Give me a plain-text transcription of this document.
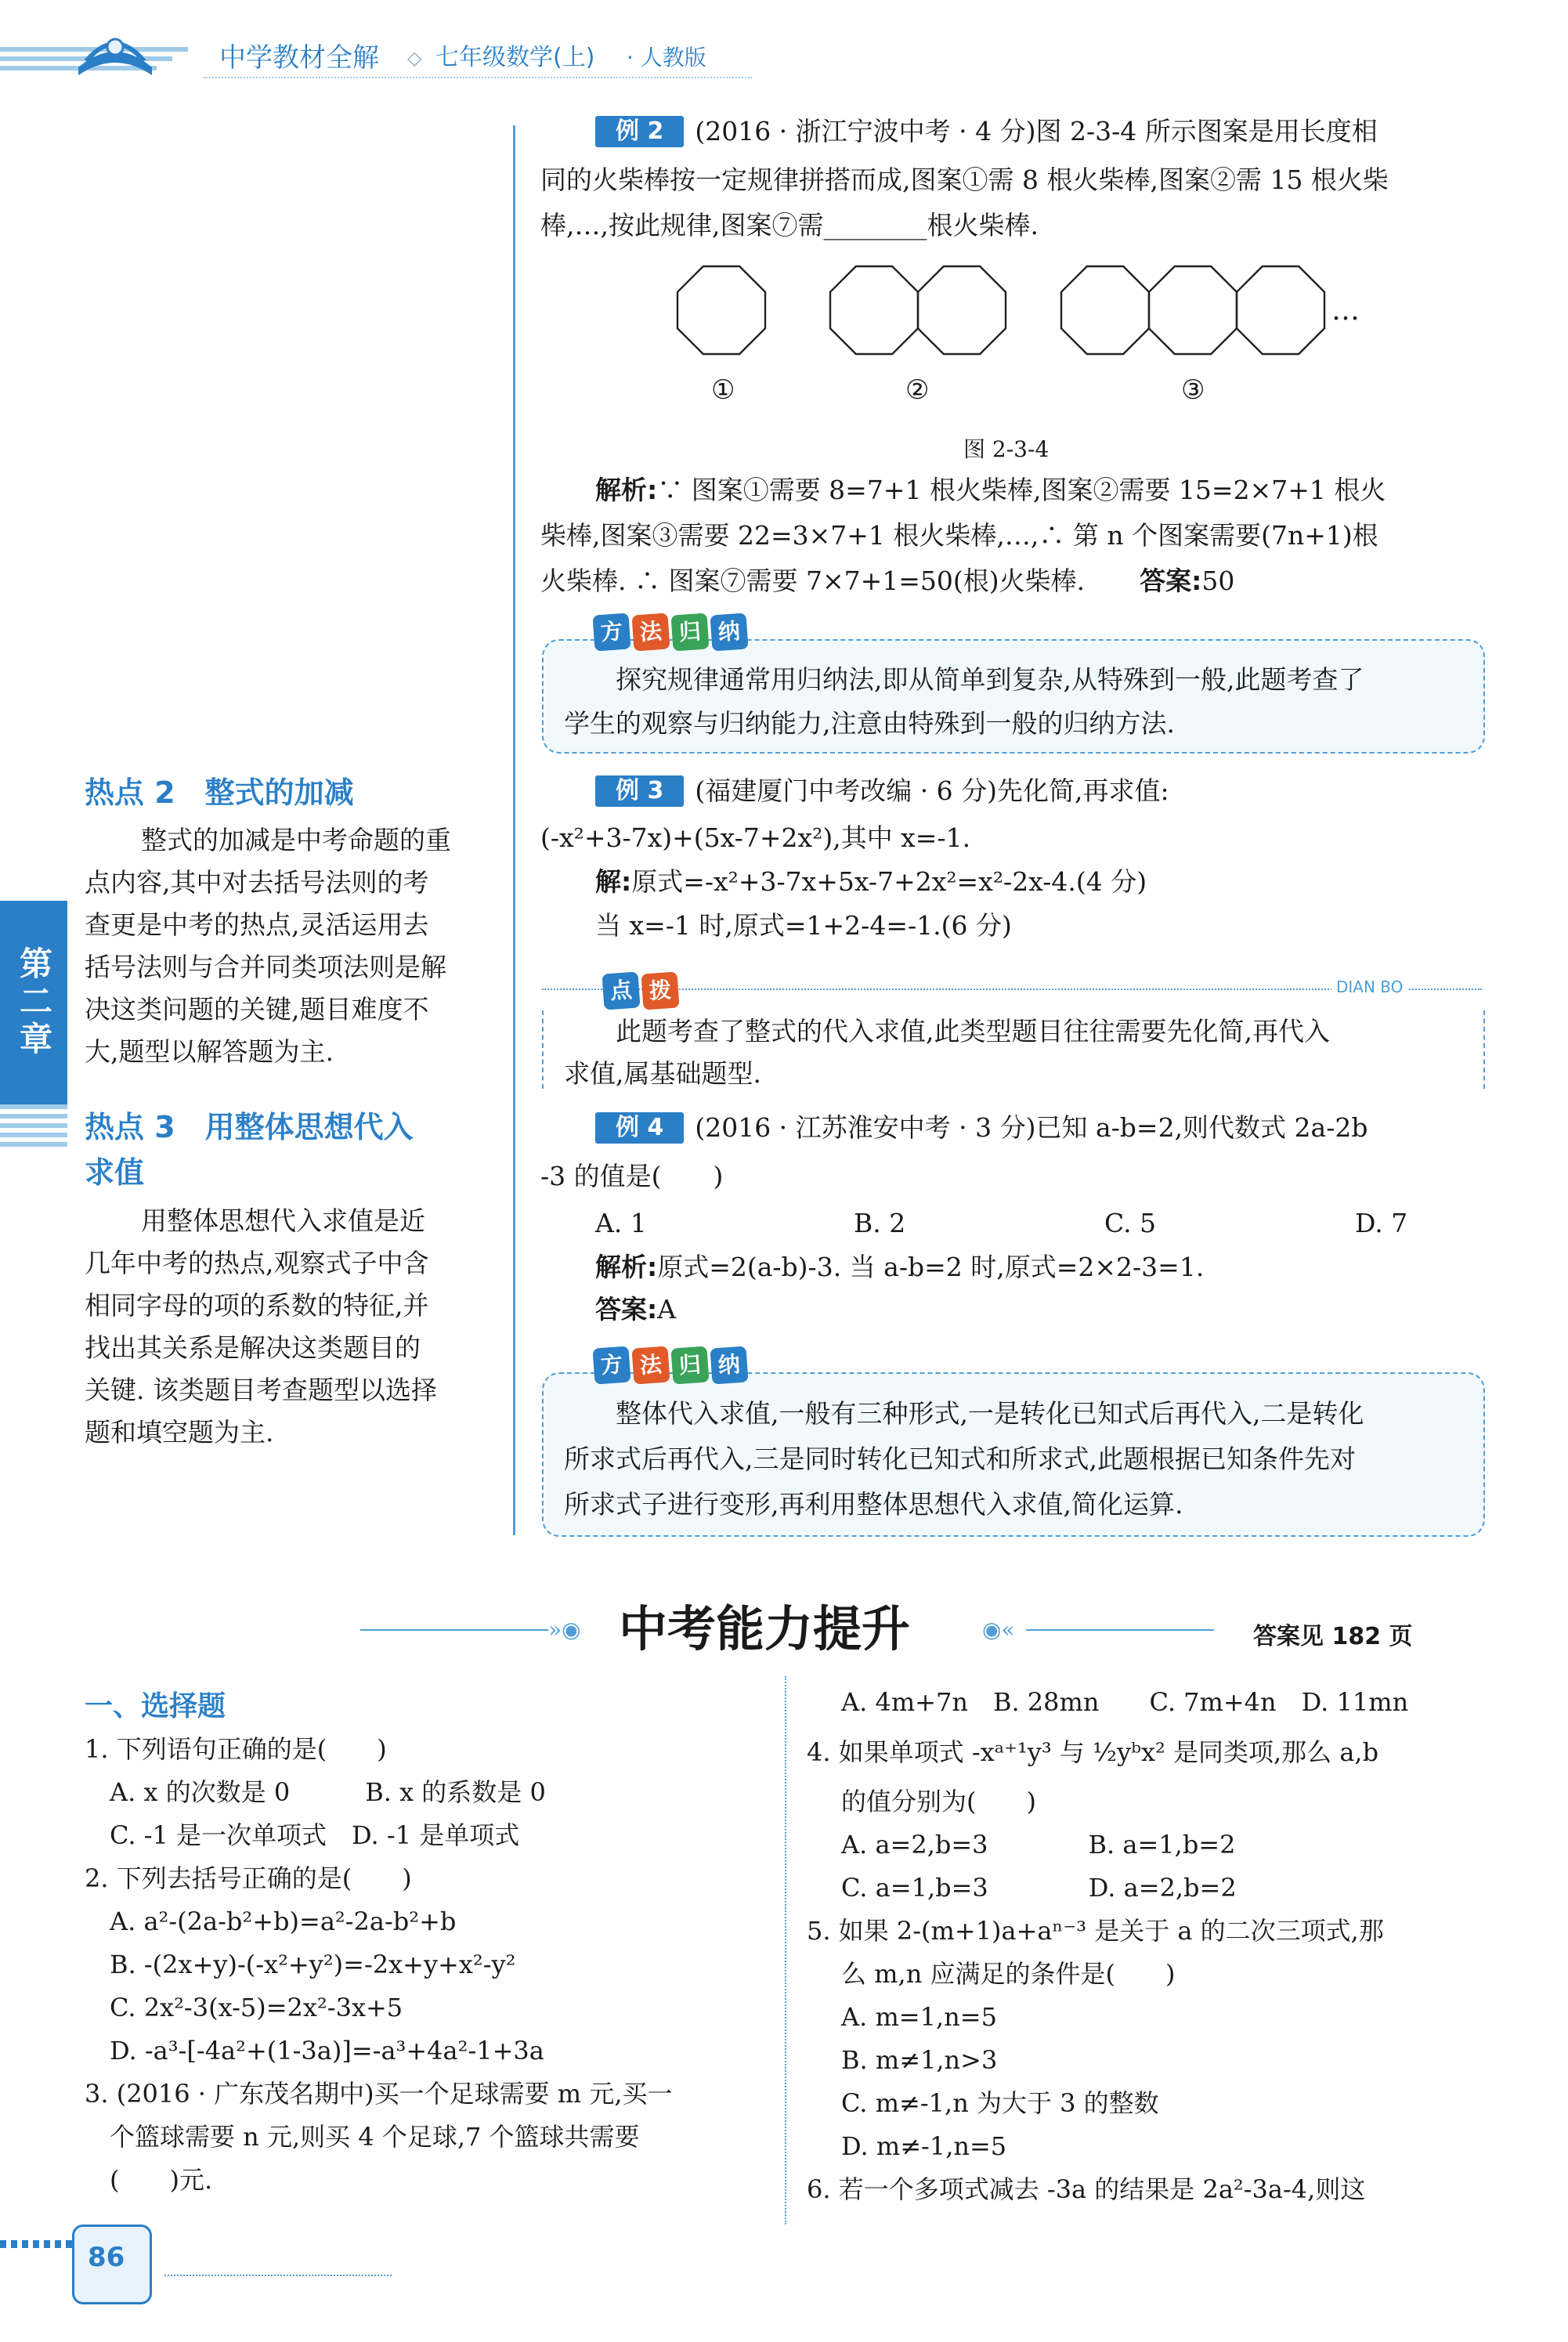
中学教材全解 ◇ 七年级数学(上) · 人教版
热点 2　整式的加减
整式的加减是中考命题的重
点内容,其中对去括号法则的考
查更是中考的热点,灵活运用去
括号法则与合并同类项法则是解
决这类问题的关键,题目难度不
大,题型以解答题为主.
第二章
热点 3　用整体思想代入
求值
用整体思想代入求值是近
几年中考的热点,观察式子中含
相同字母的项的系数的特征,并
找出其关系是解决这类题目的
关键. 该类题目考查题型以选择
题和填空题为主.
例 2 (2016 · 浙江宁波中考 · 4 分)图 2-3-4 所示图案是用长度相
同的火柴棒按一定规律拼搭而成,图案①需 8 根火柴棒,图案②需 15 根火柴
棒,…,按此规律,图案⑦需________根火柴棒.
…
①	②	③
图 2-3-4
解析:∵ 图案①需要 8=7+1 根火柴棒,图案②需要 15=2×7+1 根火
柴棒,图案③需要 22=3×7+1 根火柴棒,…,∴ 第 n 个图案需要(7n+1)根
火柴棒. ∴ 图案⑦需要 7×7+1=50(根)火柴棒. 答案:50
方 法 归 纳
探究规律通常用归纳法,即从简单到复杂,从特殊到一般,此题考查了
学生的观察与归纳能力,注意由特殊到一般的归纳方法.
例 3 (福建厦门中考改编 · 6 分)先化简,再求值:
(-x²+3-7x)+(5x-7+2x²),其中 x=-1.
解:原式=-x²+3-7x+5x-7+2x²=x²-2x-4.(4 分)
当 x=-1 时,原式=1+2-4=-1.(6 分)
点 拨	DIAN BO
此题考查了整式的代入求值,此类型题目往往需要先化简,再代入
求值,属基础题型.
例 4 (2016 · 江苏淮安中考 · 3 分)已知 a-b=2,则代数式 2a-2b
-3 的值是(　　)
A. 1	B. 2	C. 5	D. 7
解析:原式=2(a-b)-3. 当 a-b=2 时,原式=2×2-3=1.
答案:A
方 法 归 纳
整体代入求值,一般有三种形式,一是转化已知式后再代入,二是转化
所求式后再代入,三是同时转化已知式和所求式,此题根据已知条件先对
所求式子进行变形,再利用整体思想代入求值,简化运算.
»◉ 中考能力提升	◉«	答案见 182 页
一、选择题
1. 下列语句正确的是(　　)
　A. x 的次数是 0　　　B. x 的系数是 0
　C. -1 是一次单项式　D. -1 是单项式
2. 下列去括号正确的是(　　)
　A. a²-(2a-b²+b)=a²-2a-b²+b
　B. -(2x+y)-(-x²+y²)=-2x+y+x²-y²
　C. 2x²-3(x-5)=2x²-3x+5
　D. -a³-[-4a²+(1-3a)]=-a³+4a²-1+3a
3. (2016 · 广东茂名期中)买一个足球需要 m 元,买一
个篮球需要 n 元,则买 4 个足球,7 个篮球共需要
(　　)元.
A. 4m+7n　B. 28mn　　C. 7m+4n　D. 11mn
4. 如果单项式 -xᵃ⁺¹y³ 与 ½yᵇx² 是同类项,那么 a,b
的值分别为(　　)
A. a=2,b=3　　　　B. a=1,b=2
C. a=1,b=3　　　　D. a=2,b=2
5. 如果 2-(m+1)a+aⁿ⁻³ 是关于 a 的二次三项式,那
么 m,n 应满足的条件是(　　)
A. m=1,n=5
B. m≠1,n>3
C. m≠-1,n 为大于 3 的整数
D. m≠-1,n=5
6. 若一个多项式减去 -3a 的结果是 2a²-3a-4,则这
86
